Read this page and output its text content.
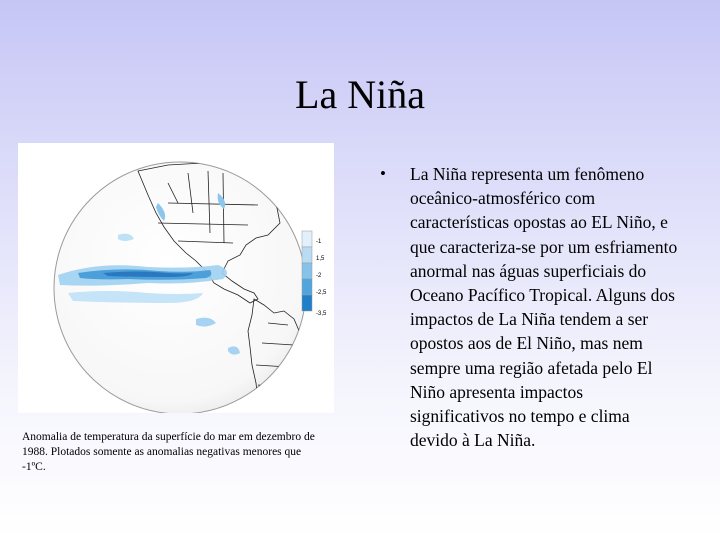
La Niña
-1
1,5
-2
-2,5
-3,5
Anomalia de temperatura da superfície do mar em dezembro de 1988. Plotados somente as anomalias negativas menores que -1ºC.
• La Niña representa um fenômeno oceânico-atmosférico com características opostas ao EL Niño, e que caracteriza-se por um esfriamento anormal nas águas superficiais do Oceano Pacífico Tropical. Alguns dos impactos de La Niña tendem a ser opostos aos de El Niño, mas nem sempre uma região afetada pelo El Niño apresenta impactos significativos no tempo e clima devido à La Niña.
